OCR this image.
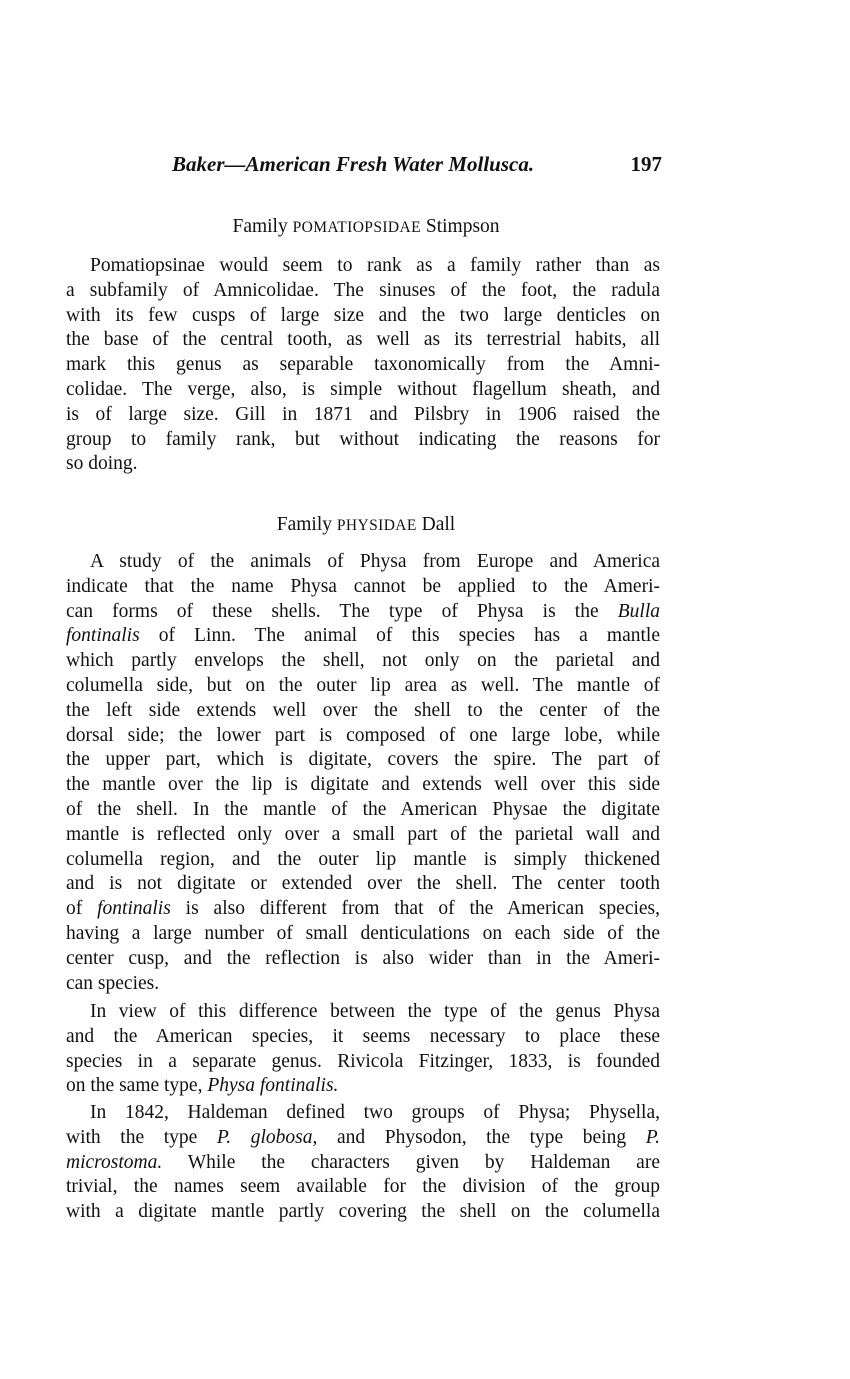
Baker—American Fresh Water Mollusca.	197
Family POMATIOPSIDAE Stimpson
Pomatiopsinae would seem to rank as a family rather than as
a subfamily of Amnicolidae. The sinuses of the foot, the radula
with its few cusps of large size and the two large denticles on
the base of the central tooth, as well as its terrestrial habits, all
mark this genus as separable taxonomically from the Amni-
colidae. The verge, also, is simple without flagellum sheath, and
is of large size. Gill in 1871 and Pilsbry in 1906 raised the
group to family rank, but without indicating the reasons for
so doing.
Family PHYSIDAE Dall
A study of the animals of Physa from Europe and America
indicate that the name Physa cannot be applied to the Ameri-
can forms of these shells. The type of Physa is the Bulla
fontinalis of Linn. The animal of this species has a mantle
which partly envelops the shell, not only on the parietal and
columella side, but on the outer lip area as well. The mantle of
the left side extends well over the shell to the center of the
dorsal side; the lower part is composed of one large lobe, while
the upper part, which is digitate, covers the spire. The part of
the mantle over the lip is digitate and extends well over this side
of the shell. In the mantle of the American Physae the digitate
mantle is reflected only over a small part of the parietal wall and
columella region, and the outer lip mantle is simply thickened
and is not digitate or extended over the shell. The center tooth
of fontinalis is also different from that of the American species,
having a large number of small denticulations on each side of the
center cusp, and the reflection is also wider than in the Ameri-
can species.
In view of this difference between the type of the genus Physa
and the American species, it seems necessary to place these
species in a separate genus. Rivicola Fitzinger, 1833, is founded
on the same type, Physa fontinalis.
In 1842, Haldeman defined two groups of Physa; Physella,
with the type P. globosa, and Physodon, the type being P.
microstoma. While the characters given by Haldeman are
trivial, the names seem available for the division of the group
with a digitate mantle partly covering the shell on the columella
